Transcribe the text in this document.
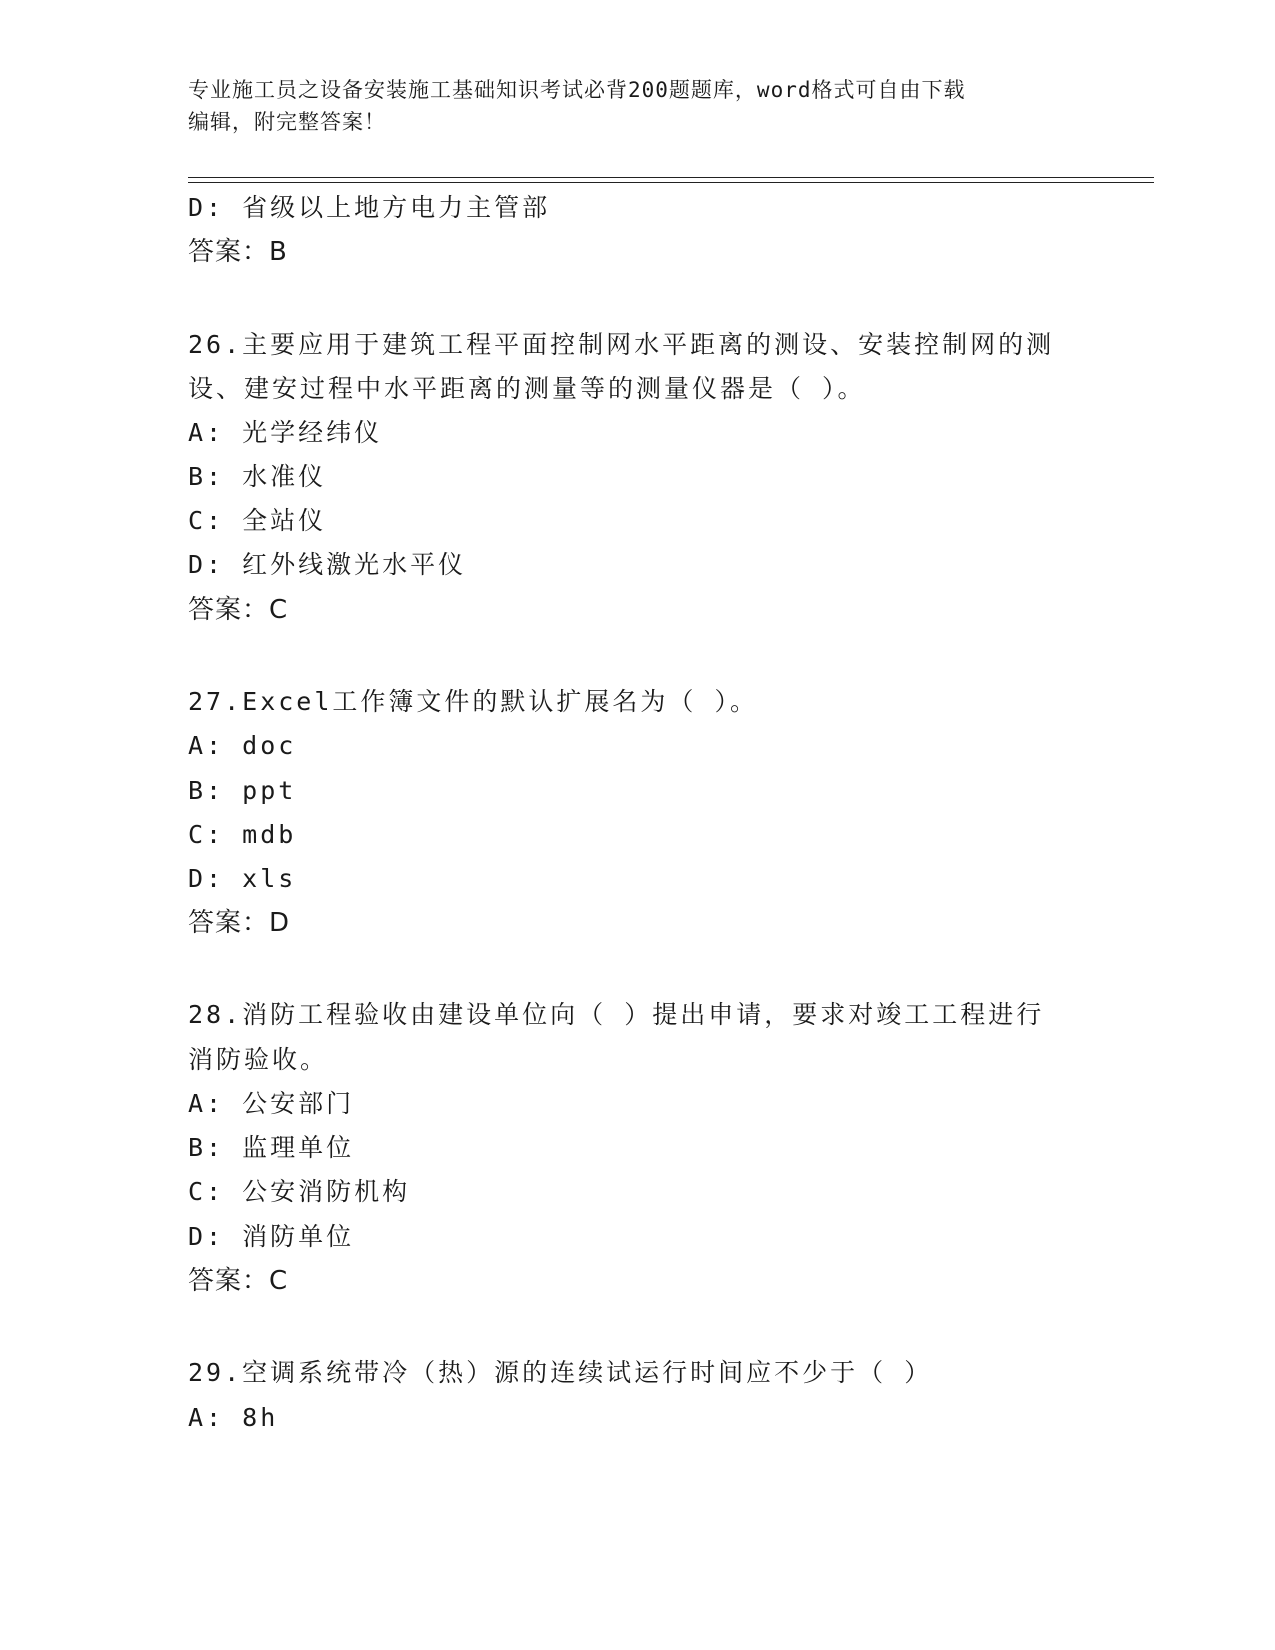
专业施工员之设备安装施工基础知识考试必背200题题库，word格式可自由下载
编辑，附完整答案！
D: 省级以上地方电力主管部
答案：B
26.主要应用于建筑工程平面控制网水平距离的测设、安装控制网的测
设、建安过程中水平距离的测量等的测量仪器是（ ）。
A: 光学经纬仪
B: 水准仪
C: 全站仪
D: 红外线激光水平仪
答案：C
27.Excel工作簿文件的默认扩展名为（ ）。
A: doc
B: ppt
C: mdb
D: xls
答案：D
28.消防工程验收由建设单位向（ ）提出申请，要求对竣工工程进行
消防验收。
A: 公安部门
B: 监理单位
C: 公安消防机构
D: 消防单位
答案：C
29.空调系统带冷（热）源的连续试运行时间应不少于（ ）
A: 8h
